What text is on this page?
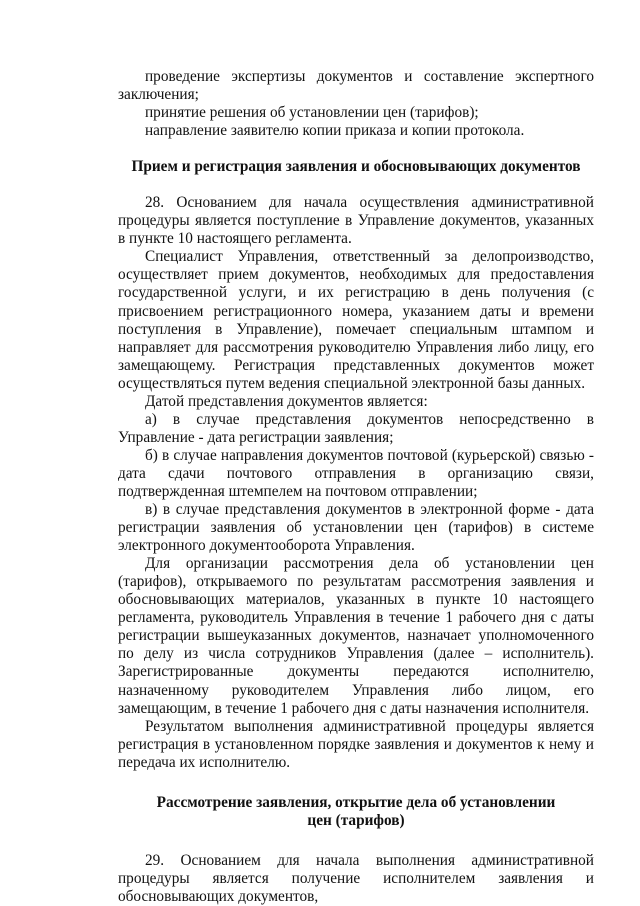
проведение экспертизы документов и составление экспертного заключения;

принятие решения об установлении цен (тарифов);

направление заявителю копии приказа и копии протокола.

Прием и регистрация заявления и обосновывающих документов

28. Основанием для начала осуществления административной процедуры является поступление в Управление документов, указанных в пункте 10 настоящего регламента.

Специалист Управления, ответственный за делопроизводство, осуществляет прием документов, необходимых для предоставления государственной услуги, и их регистрацию в день получения (с присвоением регистрационного номера, указанием даты и времени поступления в Управление), помечает специальным штампом и направляет для рассмотрения руководителю Управления либо лицу, его замещающему. Регистрация представленных документов может осуществляться путем ведения специальной электронной базы данных.

Датой представления документов является:

а) в случае представления документов непосредственно в Управление - дата регистрации заявления;

б) в случае направления документов почтовой (курьерской) связью - дата сдачи почтового отправления в организацию связи, подтвержденная штемпелем на почтовом отправлении;

в) в случае представления документов в электронной форме - дата регистрации заявления об установлении цен (тарифов) в системе электронного документооборота Управления.

Для организации рассмотрения дела об установлении цен (тарифов), открываемого по результатам рассмотрения заявления и обосновывающих материалов, указанных в пункте 10 настоящего регламента, руководитель Управления в течение 1 рабочего дня с даты регистрации вышеуказанных документов, назначает уполномоченного по делу из числа сотрудников Управления (далее – исполнитель). Зарегистрированные документы передаются исполнителю, назначенному руководителем Управления либо лицом, его замещающим, в течение 1 рабочего дня с даты назначения исполнителя.

Результатом выполнения административной процедуры является регистрация в установленном порядке заявления и документов к нему и передача их исполнителю.

Рассмотрение заявления, открытие дела об установлении

цен (тарифов)

29. Основанием для начала выполнения административной процедуры является получение исполнителем заявления и обосновывающих документов,
